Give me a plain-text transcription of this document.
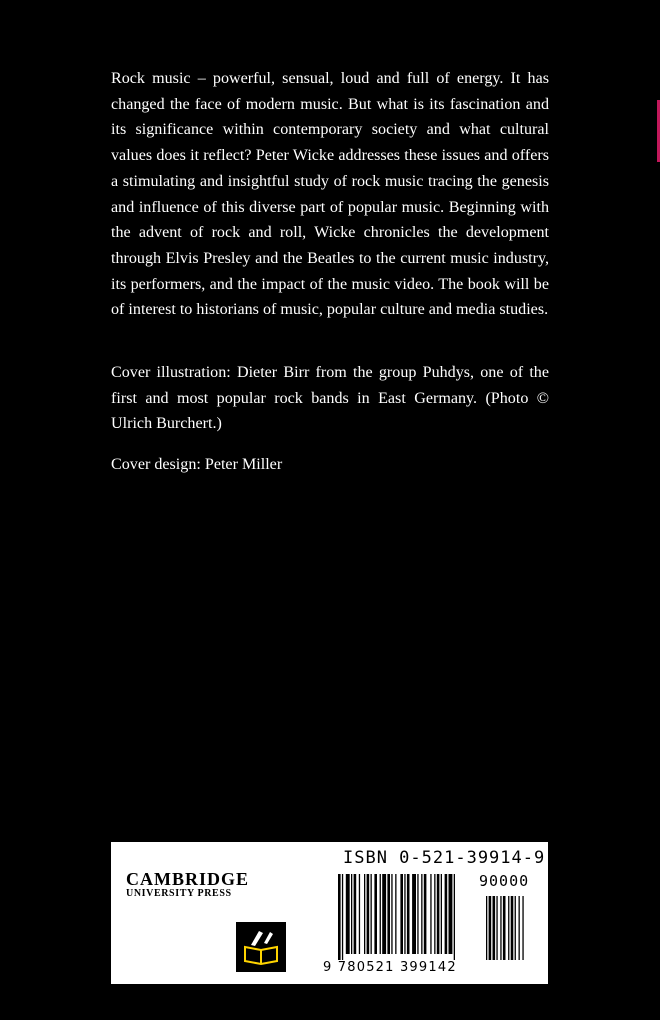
Rock music – powerful, sensual, loud and full of energy. It has changed the face of modern music. But what is its fascination and its significance within contemporary society and what cultural values does it reflect? Peter Wicke addresses these issues and offers a stimulating and insightful study of rock music tracing the genesis and influence of this diverse part of popular music. Beginning with the advent of rock and roll, Wicke chronicles the development through Elvis Presley and the Beatles to the current music industry, its performers, and the impact of the music video. The book will be of interest to historians of music, popular culture and media studies.

Cover illustration: Dieter Birr from the group Puhdys, one of the first and most popular rock bands in East Germany. (Photo © Ulrich Burchert.)

Cover design: Peter Miller

CAMBRIDGE
UNIVERSITY PRESS
ISBN 0-521-39914-9
90000
9 780521 399142
